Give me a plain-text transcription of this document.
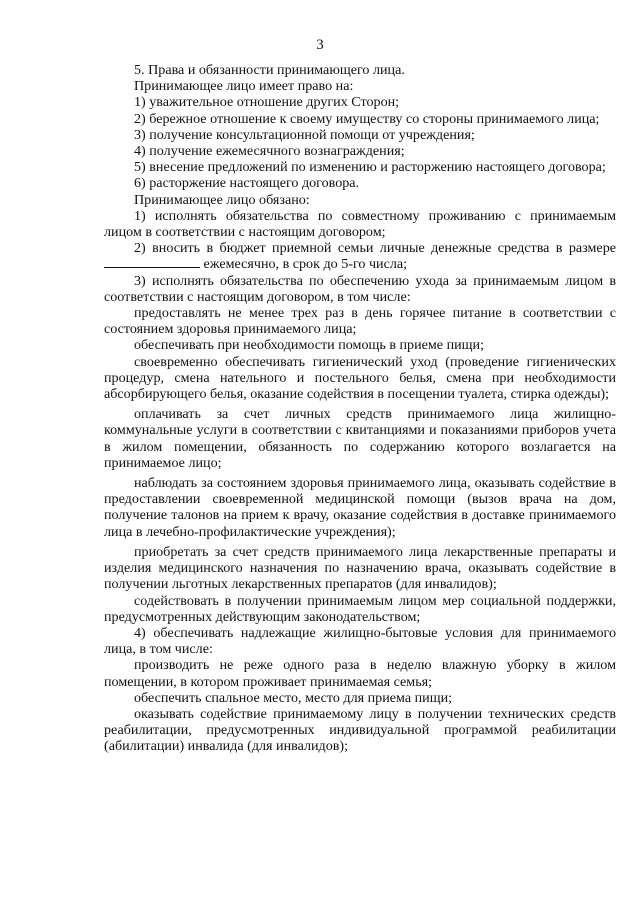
3

5. Права и обязанности принимающего лица.

Принимающее лицо имеет право на:

1) уважительное отношение других Сторон;

2) бережное отношение к своему имуществу со стороны принимаемого лица;

3) получение консультационной помощи от учреждения;

4) получение ежемесячного вознаграждения;

5) внесение предложений по изменению и расторжению настоящего договора;

6) расторжение настоящего договора.

Принимающее лицо обязано:

1) исполнять обязательства по совместному проживанию с принимаемым лицом в соответствии с настоящим договором;

2) вносить в бюджет приемной семьи личные денежные средства в размере  ежемесячно, в срок до 5-го числа;

3) исполнять обязательства по обеспечению ухода за принимаемым лицом в соответствии с настоящим договором, в том числе:

предоставлять не менее трех раз в день горячее питание в соответствии с состоянием здоровья принимаемого лица;

обеспечивать при необходимости помощь в приеме пищи;

своевременно обеспечивать гигиенический уход (проведение гигиенических процедур, смена нательного и постельного белья, смена при необходимости абсорбирующего белья, оказание содействия в посещении туалета, стирка одежды);

оплачивать за счет личных средств принимаемого лица жилищно-коммунальные услуги в соответствии с квитанциями и показаниями приборов учета в жилом помещении, обязанность по содержанию которого возлагается на принимаемое лицо;

наблюдать за состоянием здоровья принимаемого лица, оказывать содействие в предоставлении своевременной медицинской помощи (вызов врача на дом, получение талонов на прием к врачу, оказание содействия в доставке принимаемого лица в лечебно-профилактические учреждения);

приобретать за счет средств принимаемого лица лекарственные препараты и изделия медицинского назначения по назначению врача, оказывать содействие в получении льготных лекарственных препаратов (для инвалидов);

содействовать в получении принимаемым лицом мер социальной поддержки, предусмотренных действующим законодательством;

4) обеспечивать надлежащие жилищно-бытовые условия для принимаемого лица, в том числе:

производить не реже одного раза в неделю влажную уборку в жилом помещении, в котором проживает принимаемая семья;

обеспечить спальное место, место для приема пищи;

оказывать содействие принимаемому лицу в получении технических средств реабилитации, предусмотренных индивидуальной программой реабилитации (абилитации) инвалида (для инвалидов);
